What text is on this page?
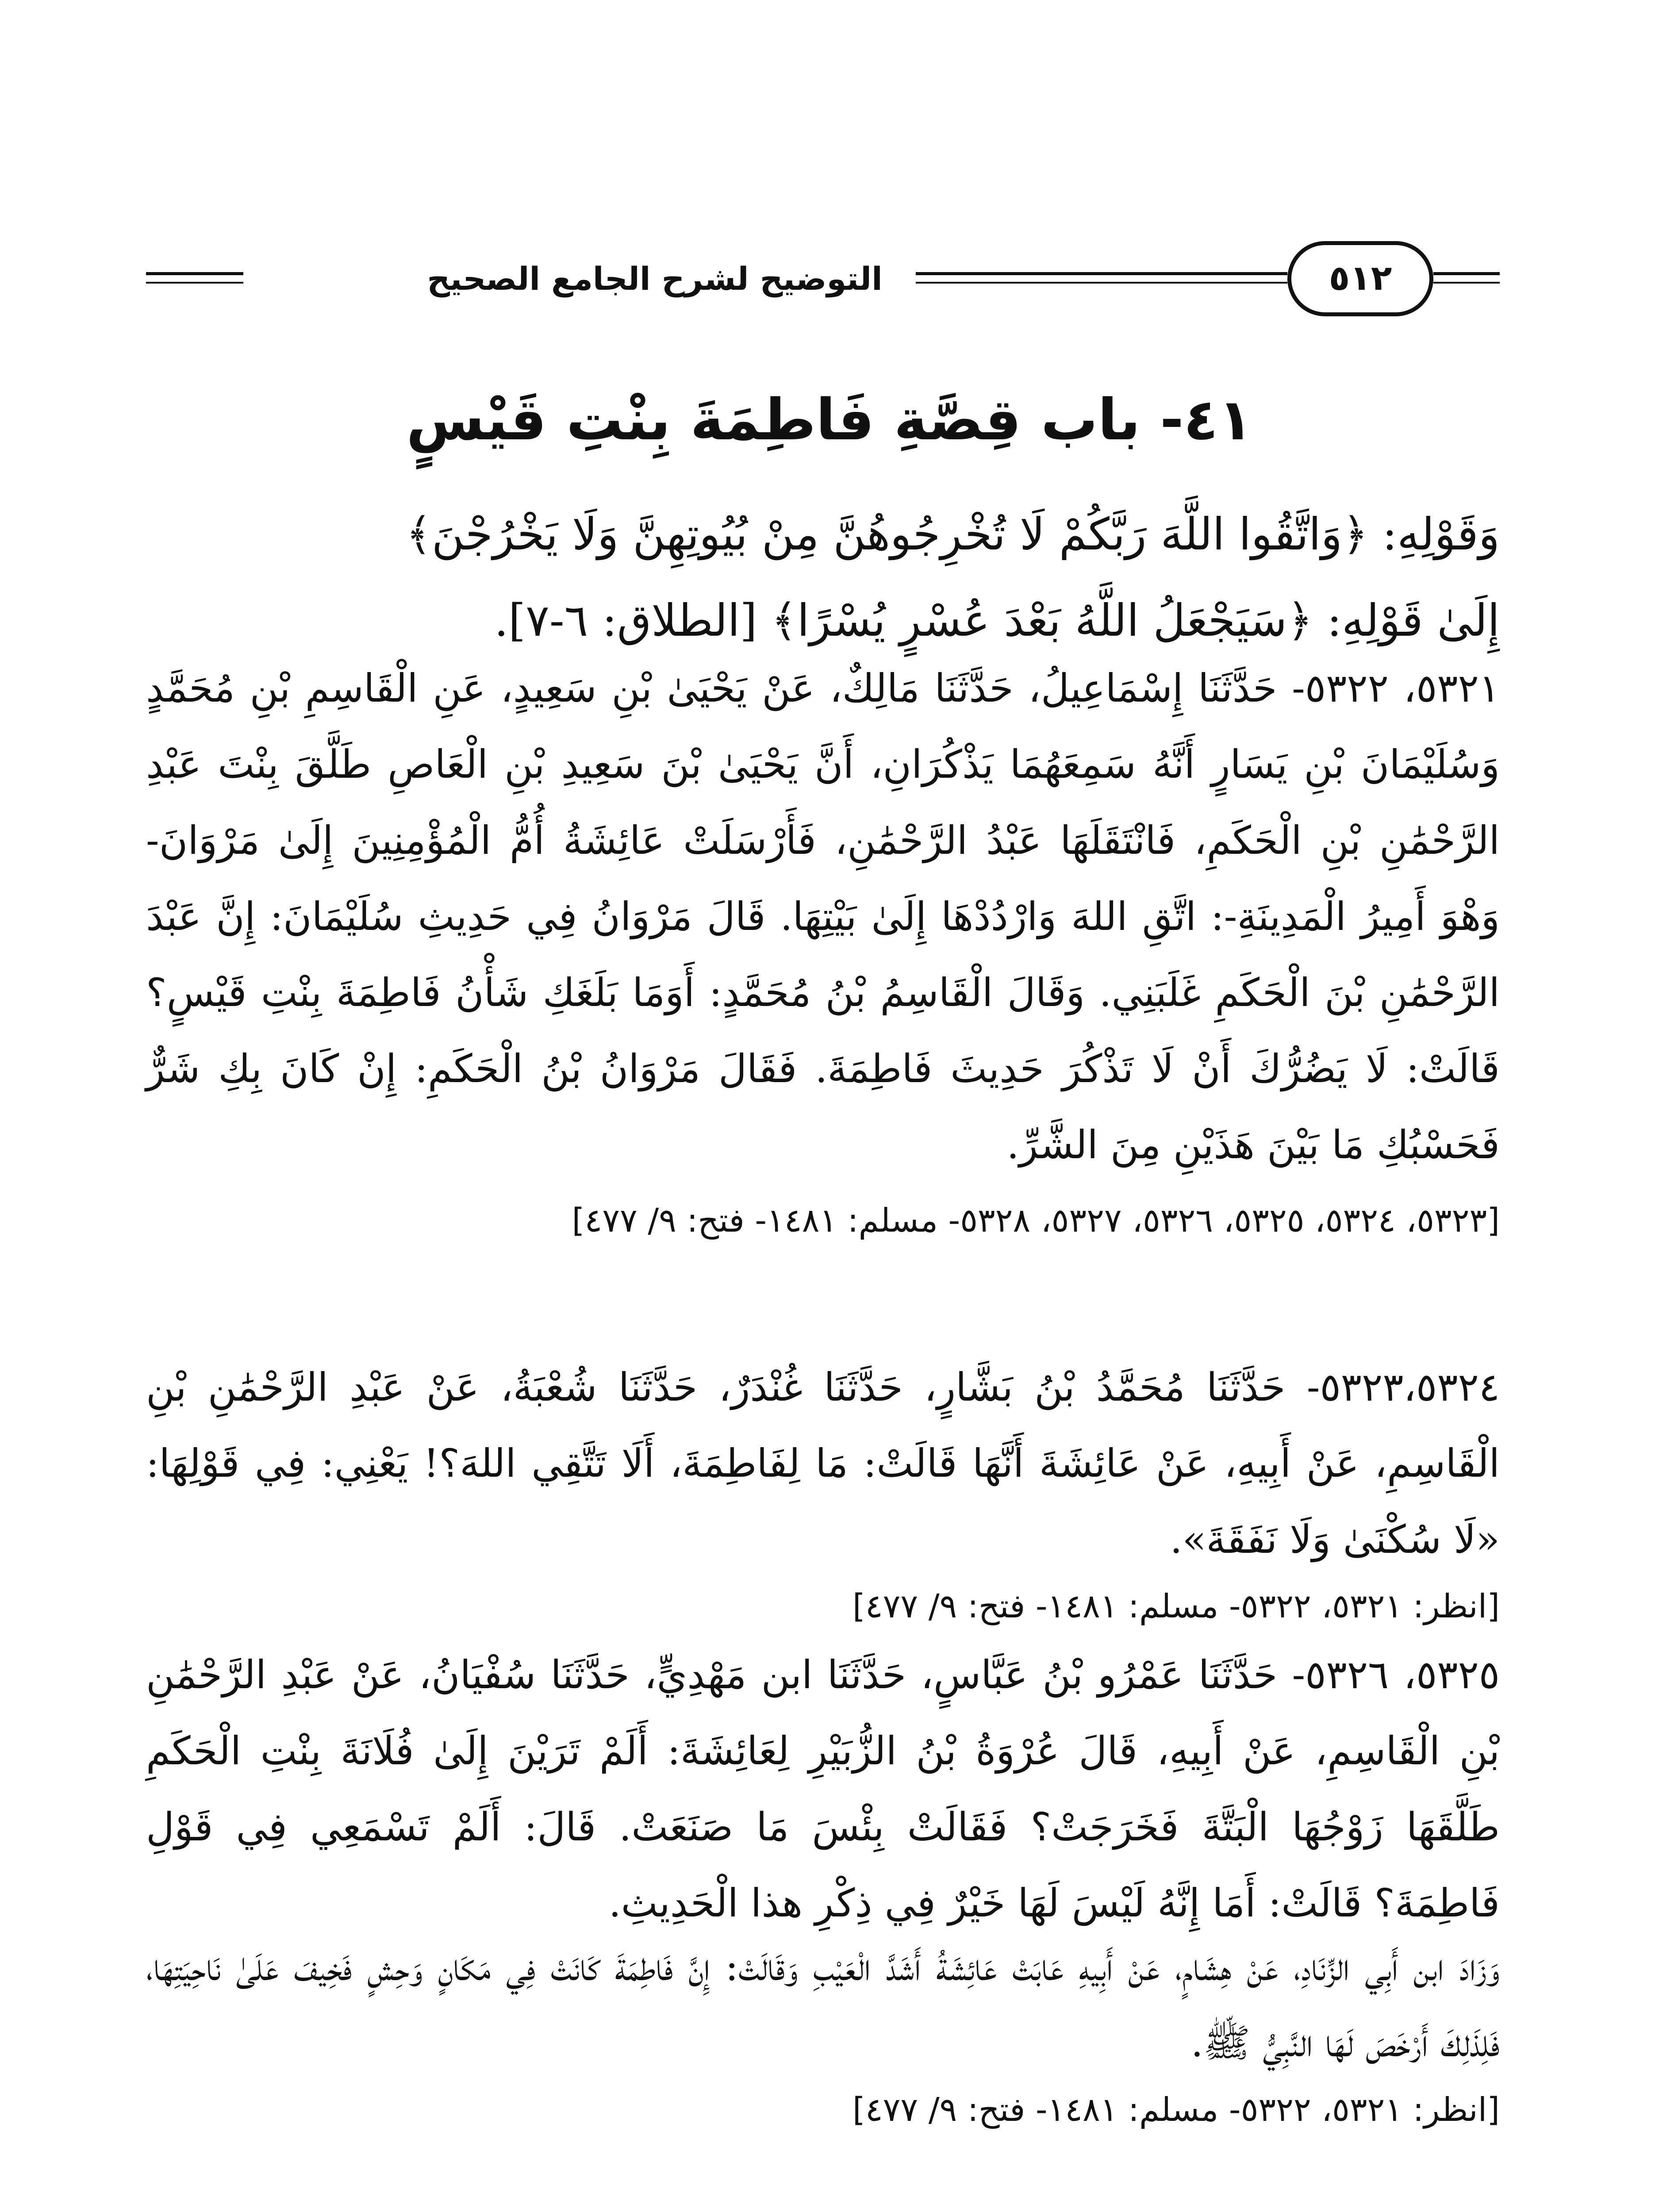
التوضيح لشرح الجامع الصحيح	٥١٢
٤١- باب قِصَّةِ فَاطِمَةَ بِنْتِ قَيْسٍ
وَقَوْلِهِ: ﴿وَاتَّقُوا اللَّهَ رَبَّكُمْ لَا تُخْرِجُوهُنَّ مِنْ بُيُوتِهِنَّ وَلَا يَخْرُجْنَ﴾
إِلَىٰ قَوْلِهِ: ﴿سَيَجْعَلُ اللَّهُ بَعْدَ عُسْرٍ يُسْرًا﴾ [الطلاق: ٦-٧].
٥٣٢١، ٥٣٢٢- حَدَّثَنَا إِسْمَاعِيلُ، حَدَّثَنَا مَالِكٌ، عَنْ يَحْيَىٰ بْنِ سَعِيدٍ، عَنِ الْقَاسِمِ بْنِ مُحَمَّدٍ وَسُلَيْمَانَ بْنِ يَسَارٍ أَنَّهُ سَمِعَهُمَا يَذْكُرَانِ، أَنَّ يَحْيَىٰ بْنَ سَعِيدِ بْنِ الْعَاصِ طَلَّقَ بِنْتَ عَبْدِ الرَّحْمَٰنِ بْنِ الْحَكَمِ، فَانْتَقَلَهَا عَبْدُ الرَّحْمَٰنِ، فَأَرْسَلَتْ عَائِشَةُ أُمُّ الْمُؤْمِنِينَ إِلَىٰ مَرْوَانَ- وَهْوَ أَمِيرُ الْمَدِينَةِ-: اتَّقِ اللهَ وَارْدُدْهَا إِلَىٰ بَيْتِهَا. قَالَ مَرْوَانُ فِي حَدِيثِ سُلَيْمَانَ: إِنَّ عَبْدَ الرَّحْمَٰنِ بْنَ الْحَكَمِ غَلَبَنِي. وَقَالَ الْقَاسِمُ بْنُ مُحَمَّدٍ: أَوَمَا بَلَغَكِ شَأْنُ فَاطِمَةَ بِنْتِ قَيْسٍ؟ قَالَتْ: لَا يَضُرُّكَ أَنْ لَا تَذْكُرَ حَدِيثَ فَاطِمَةَ. فَقَالَ مَرْوَانُ بْنُ الْحَكَمِ: إِنْ كَانَ بِكِ شَرٌّ فَحَسْبُكِ مَا بَيْنَ هَذَيْنِ مِنَ الشَّرِّ.
[٥٣٢٣، ٥٣٢٤، ٥٣٢٥، ٥٣٢٦، ٥٣٢٧، ٥٣٢٨- مسلم: ١٤٨١- فتح: ٩/ ٤٧٧]
٥٣٢٣،٥٣٢٤- حَدَّثَنَا مُحَمَّدُ بْنُ بَشَّارٍ، حَدَّثَنَا غُنْدَرٌ، حَدَّثَنَا شُعْبَةُ، عَنْ عَبْدِ الرَّحْمَٰنِ بْنِ الْقَاسِمِ، عَنْ أَبِيهِ، عَنْ عَائِشَةَ أَنَّهَا قَالَتْ: مَا لِفَاطِمَةَ، أَلَا تَتَّقِي اللهَ؟! يَعْنِي: فِي قَوْلِهَا: «لَا سُكْنَىٰ وَلَا نَفَقَةَ».
[انظر: ٥٣٢١، ٥٣٢٢- مسلم: ١٤٨١- فتح: ٩/ ٤٧٧]
٥٣٢٥، ٥٣٢٦- حَدَّثَنَا عَمْرُو بْنُ عَبَّاسٍ، حَدَّثَنَا ابن مَهْدِيٍّ، حَدَّثَنَا سُفْيَانُ، عَنْ عَبْدِ الرَّحْمَٰنِ بْنِ الْقَاسِمِ، عَنْ أَبِيهِ، قَالَ عُرْوَةُ بْنُ الزُّبَيْرِ لِعَائِشَةَ: أَلَمْ تَرَيْنَ إِلَىٰ فُلَانَةَ بِنْتِ الْحَكَمِ طَلَّقَهَا زَوْجُهَا الْبَتَّةَ فَخَرَجَتْ؟ فَقَالَتْ بِئْسَ مَا صَنَعَتْ. قَالَ: أَلَمْ تَسْمَعِي فِي قَوْلِ فَاطِمَةَ؟ قَالَتْ: أَمَا إِنَّهُ لَيْسَ لَهَا خَيْرٌ فِي ذِكْرِ هذا الْحَدِيثِ.
وَزَادَ ابن أَبِي الزِّنَادِ، عَنْ هِشَامٍ، عَنْ أَبِيهِ عَابَتْ عَائِشَةُ أَشَدَّ الْعَيْبِ وَقَالَتْ: إِنَّ فَاطِمَةَ كَانَتْ فِي مَكَانٍ وَحِشٍ فَخِيفَ عَلَىٰ نَاحِيَتِهَا، فَلِذَلِكَ أَرْخَصَ لَهَا النَّبِيُّ ﷺ.
[انظر: ٥٣٢١، ٥٣٢٢- مسلم: ١٤٨١- فتح: ٩/ ٤٧٧]
